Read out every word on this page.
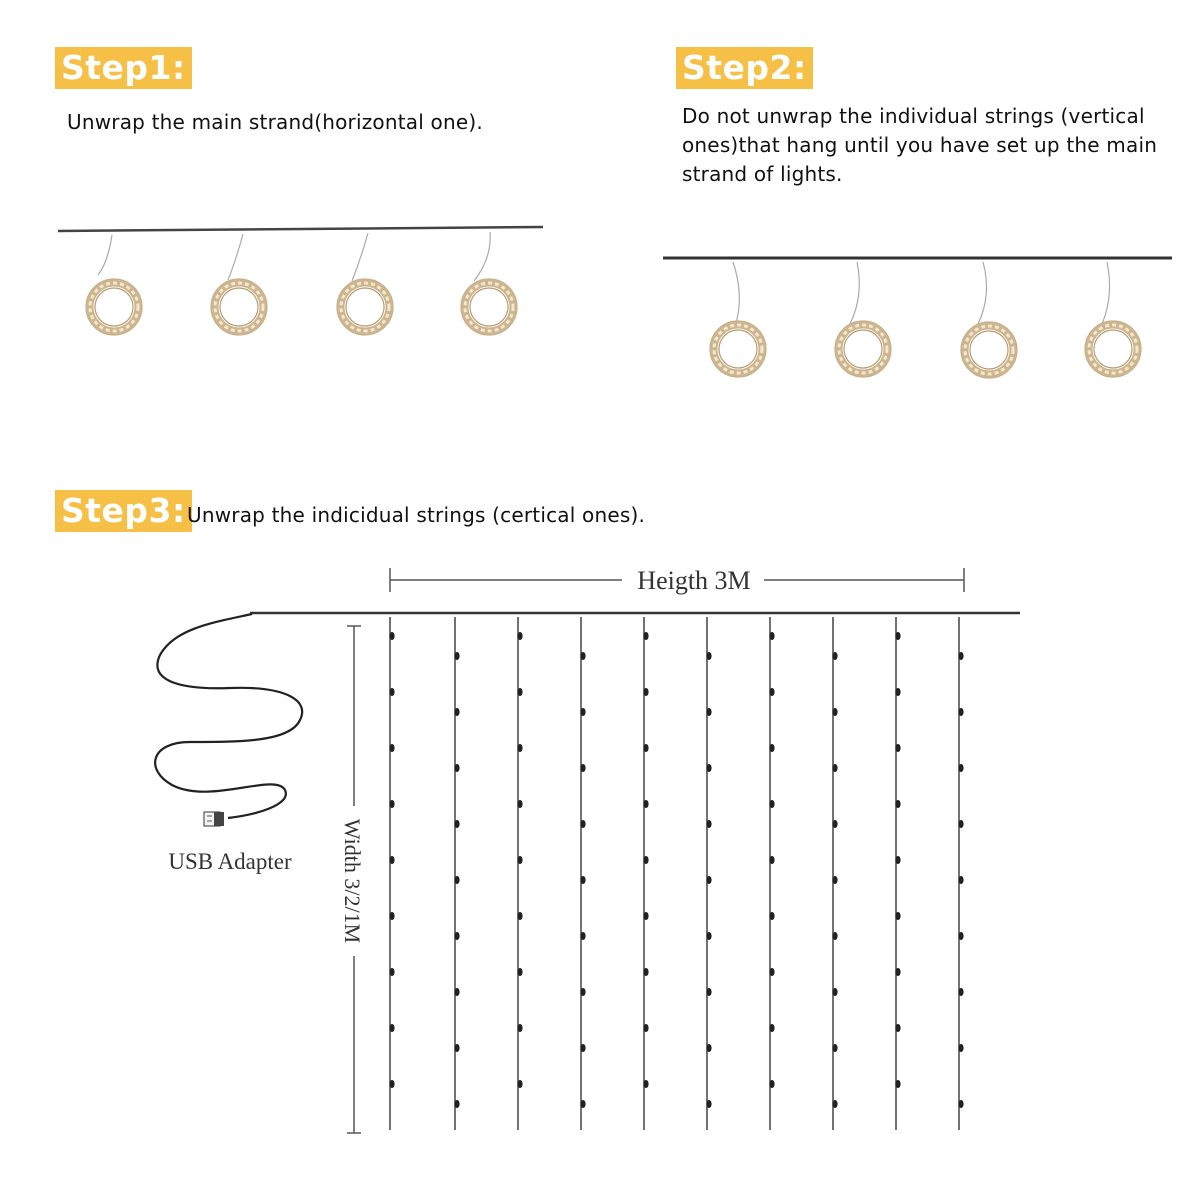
Step1:
Unwrap the main strand(horizontal one).
Step2:
Do not unwrap the individual strings (vertical ones)that hang until you have set up the main strand of lights.
Step3: Unwrap the indicidual strings (certical ones).
Heigth 3M
Width 3/2/1M
USB Adapter
